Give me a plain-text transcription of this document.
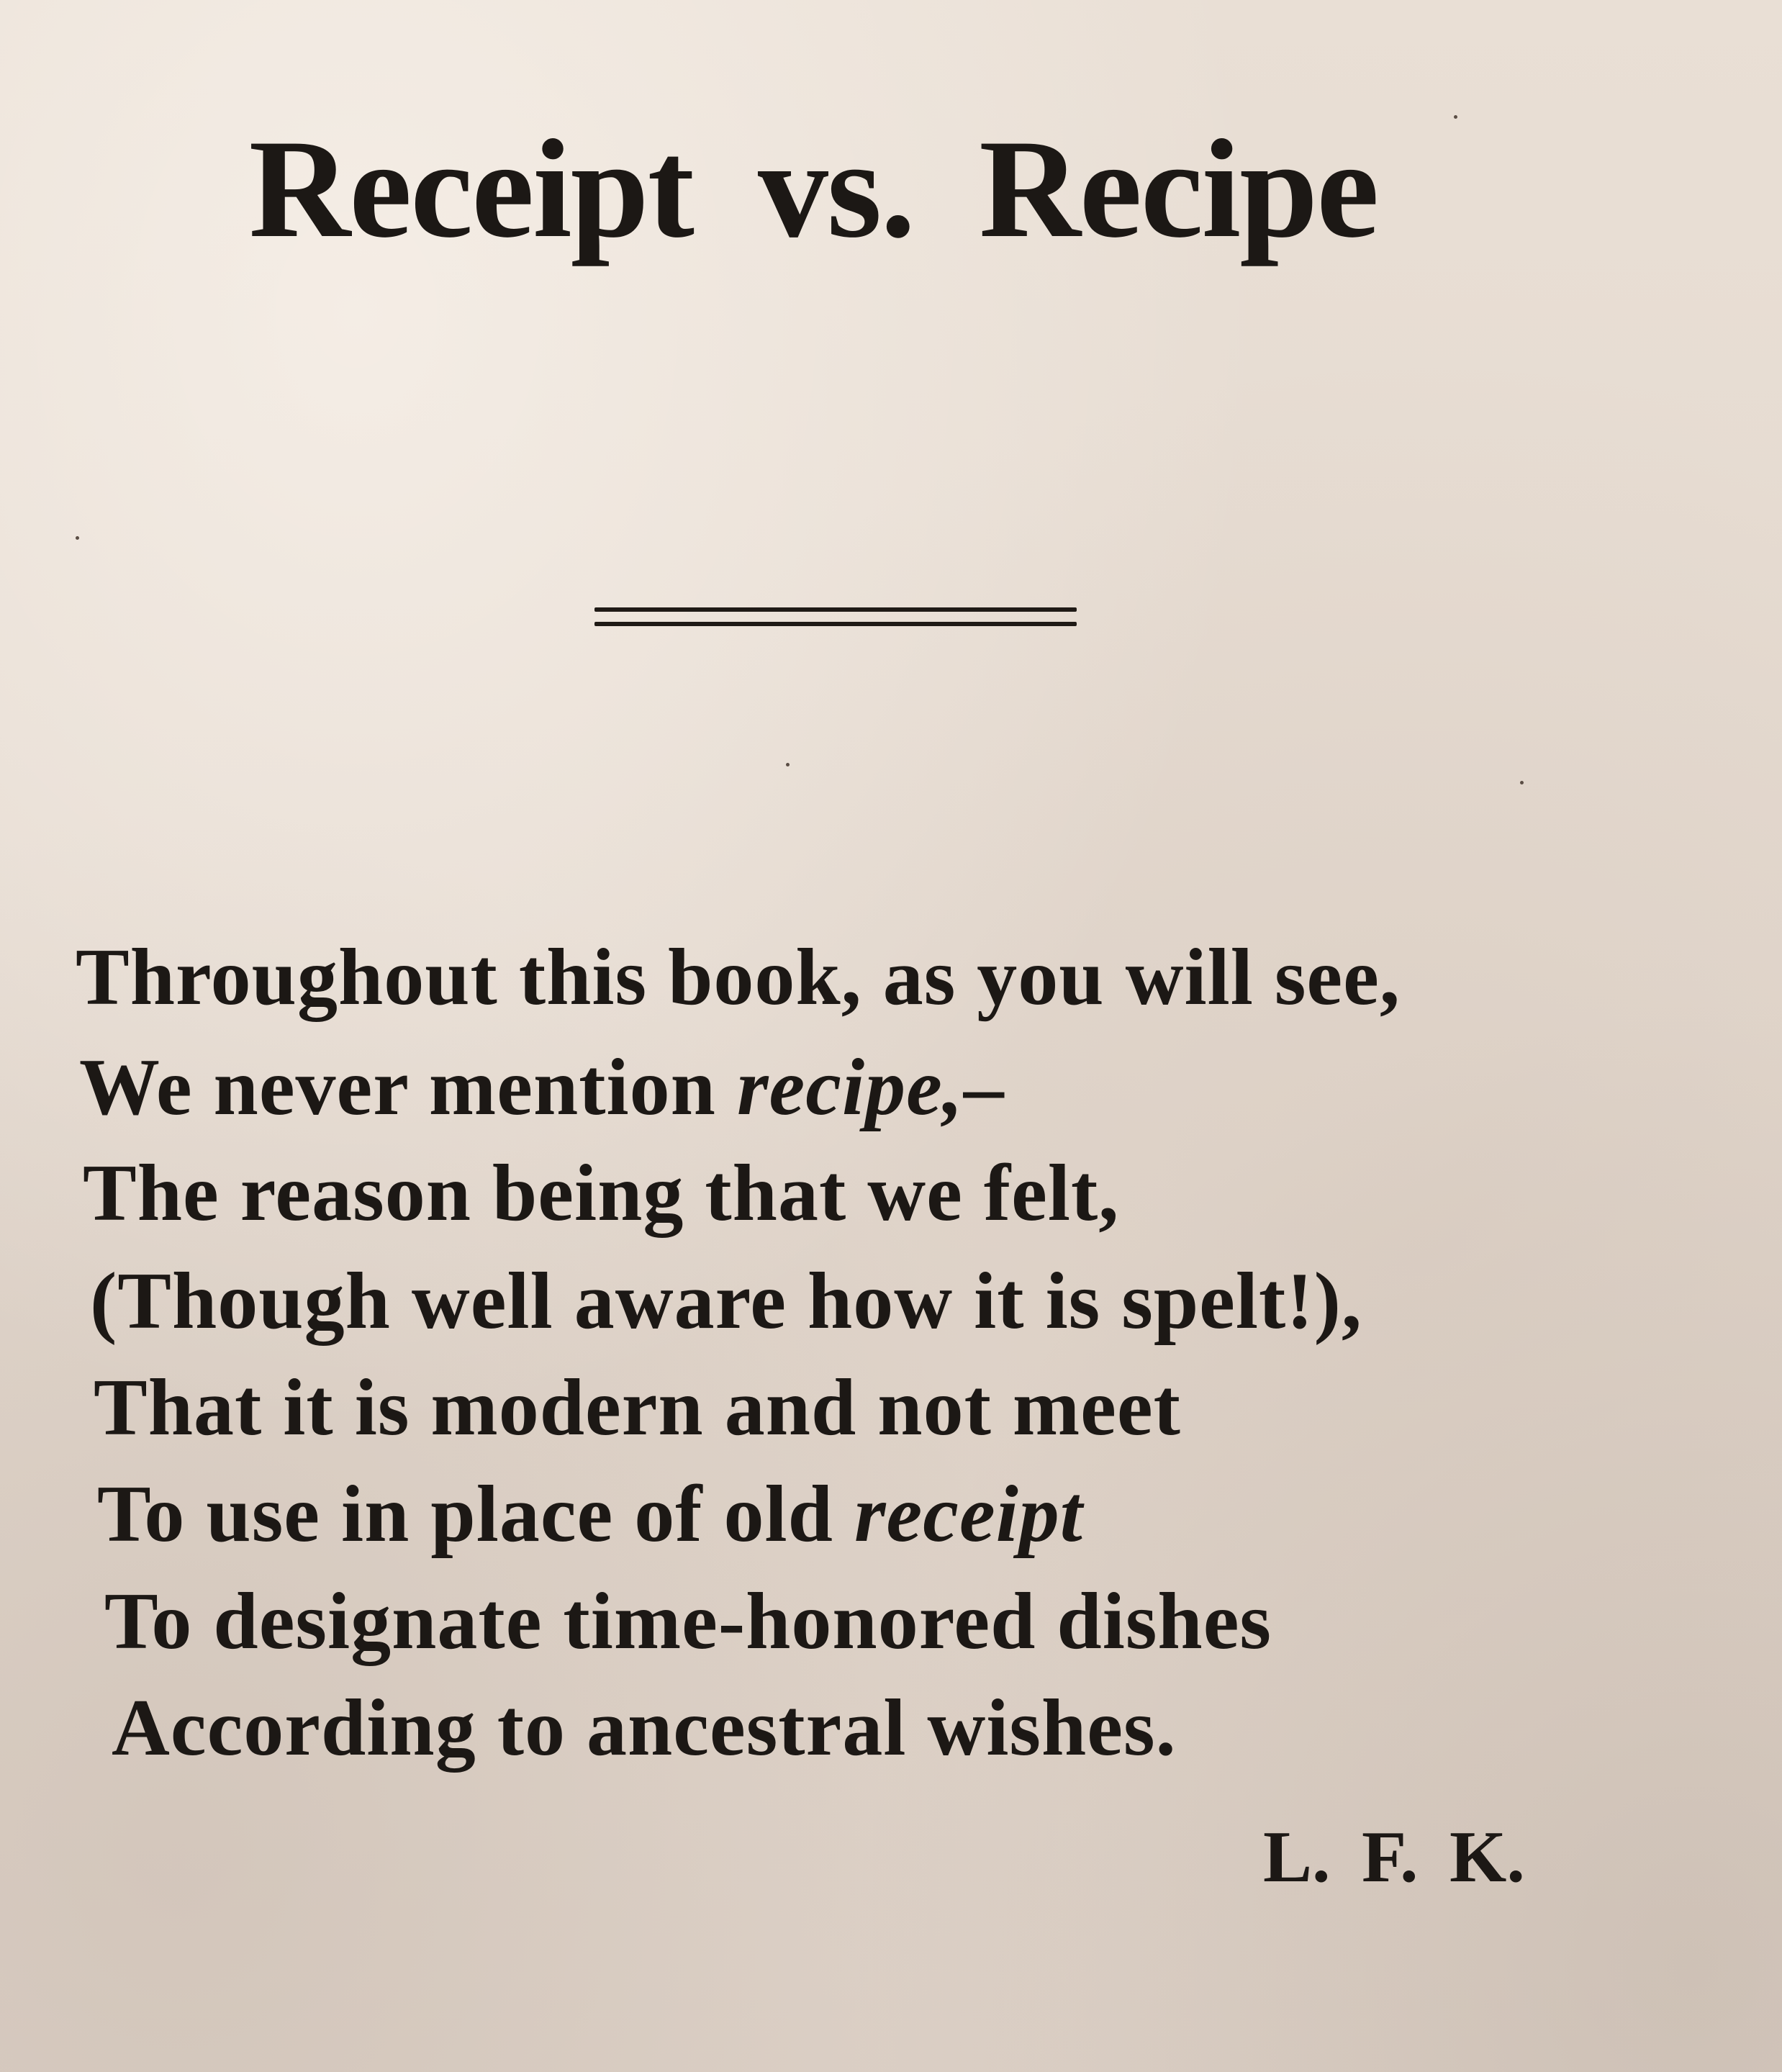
Receipt vs. Recipe
Throughout this book, as you will see,
We never mention recipe,–
The reason being that we felt,
(Though well aware how it is spelt!),
That it is modern and not meet
To use in place of old receipt
To designate time-honored dishes
According to ancestral wishes.
L. F. K.
